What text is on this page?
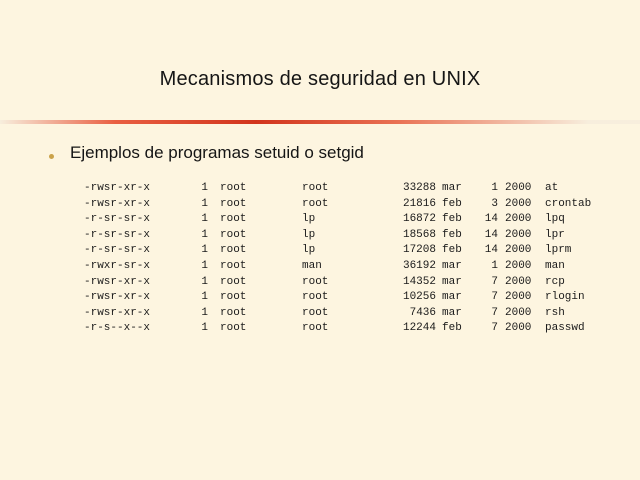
Mecanismos de seguridad en UNIX
Ejemplos de programas setuid o setgid
-rwsr-xr-x	1	root	root	33288 mar	1 2000	at
-rwsr-xr-x	1	root	root	21816 feb	3 2000	crontab
-r-sr-sr-x	1	root	lp	16872 feb	14 2000	lpq
-r-sr-sr-x	1	root	lp	18568 feb	14 2000	lpr
-r-sr-sr-x	1	root	lp	17208 feb	14 2000	lprm
-rwxr-sr-x	1	root	man	36192 mar	1 2000	man
-rwsr-xr-x	1	root	root	14352 mar	7 2000	rcp
-rwsr-xr-x	1	root	root	10256 mar	7 2000	rlogin
-rwsr-xr-x	1	root	root	7436 mar	7 2000	rsh
-r-s--x--x	1	root	root	12244 feb	7 2000	passwd
